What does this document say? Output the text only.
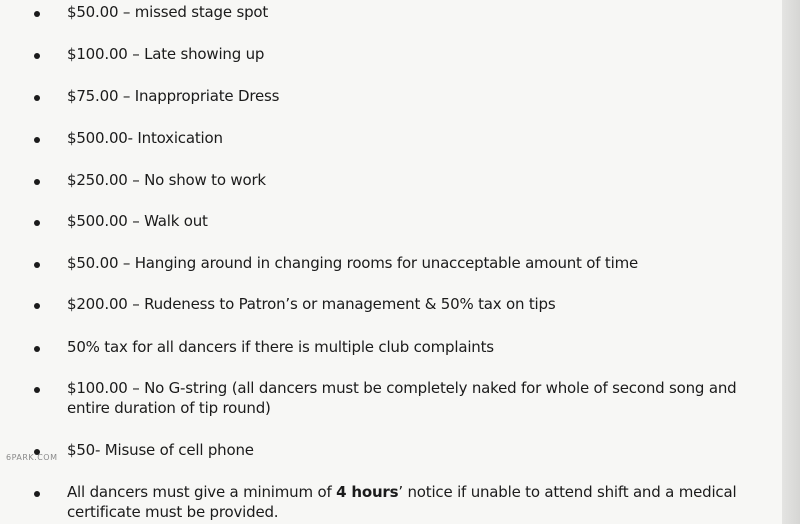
$50.00 – missed stage spot
$100.00 – Late showing up
$75.00 – Inappropriate Dress
$500.00- Intoxication
$250.00 – No show to work
$500.00 – Walk out
$50.00 – Hanging around in changing rooms for unacceptable amount of time
$200.00 – Rudeness to Patron’s or management & 50% tax on tips
50% tax for all dancers if there is multiple club complaints
$100.00 – No G-string (all dancers must be completely naked for whole of second song and entire duration of tip round)
$50- Misuse of cell phone
All dancers must give a minimum of 4 hours’ notice if unable to attend shift and a medical certificate must be provided.
6PARK.COM
